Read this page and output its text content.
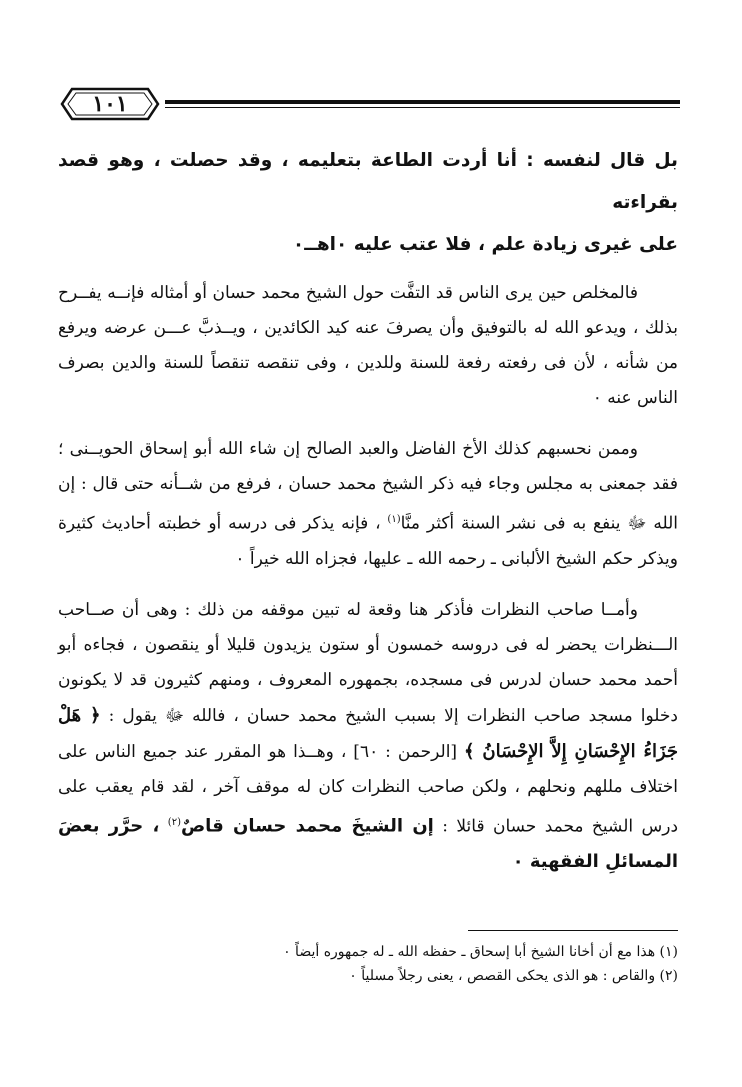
١٠١

بل قال لنفسه : أنا أردت الطاعة بتعليمه ، وقد حصلت ، وهو قصد بقراءته

على غيرى زيادة علم ، فلا عتب عليه ٠اهــ٠

فالمخلص حين يرى الناس قد التفَّت حول الشيخ محمد حسان أو أمثاله فإنــه يفــرح بذلك ، ويدعو الله له بالتوفيق وأن يصرفَ عنه كيد الكائدين ، ويــذبَّ عـــن عرضه ويرفع من شأنه ، لأن فى رفعته رفعة للسنة وللدين ، وفى تنقصه تنقصاً للسنة والدين بصرف الناس عنه ٠

وممن نحسبهم كذلك الأخ الفاضل والعبد الصالح إن شاء الله أبو إسحاق الحويــنى ؛ فقد جمعنى به مجلس وجاء فيه ذكر الشيخ محمد حسان ، فرفع من شــأنه حتى قال : إن الله ﷻ ينفع به فى نشر السنة أكثر منَّا$^{(١)}$ ، فإنه يذكر فى درسه أو خطبته أحاديث كثيرة ويذكر حكم الشيخ الألبانى ـ رحمه الله ـ عليها، فجزاه الله خيراً ٠

وأمــا صاحب النظرات فأذكر هنا وقعة له تبين موقفه من ذلك : وهى أن صــاحب الـــنظرات يحضر له فى دروسه خمسون أو ستون يزيدون قليلا أو ينقصون ، فجاءه أبو أحمد محمد حسان لدرس فى مسجده، بجمهوره المعروف ، ومنهم كثيرون قد لا يكونون دخلوا مسجد صاحب النظرات إلا بسبب الشيخ محمد حسان ، فالله ﷻ يقول : ﴿ هَلْ جَزَاءُ الإِحْسَانِ إِلاَّ الإِحْسَانُ ﴾ [الرحمن : ٦٠] ، وهــذا هو المقرر عند جميع الناس على اختلاف مللهم ونحلهم ، ولكن صاحب النظرات كان له موقف آخر ، لقد قام يعقب على درس الشيخ محمد حسان قائلا : إن الشيخَ محمد حسان قاصٌ$^{(٢)}$ ، حرَّر بعضَ المسائلِ الفقهية ٠

(١) هذا مع أن أخانا الشيخ أبا إسحاق ـ حفظه الله ـ له جمهوره أيضاً ٠
(٢) والقاص : هو الذى يحكى القصص ، يعنى رجلاً مسلياً ٠
